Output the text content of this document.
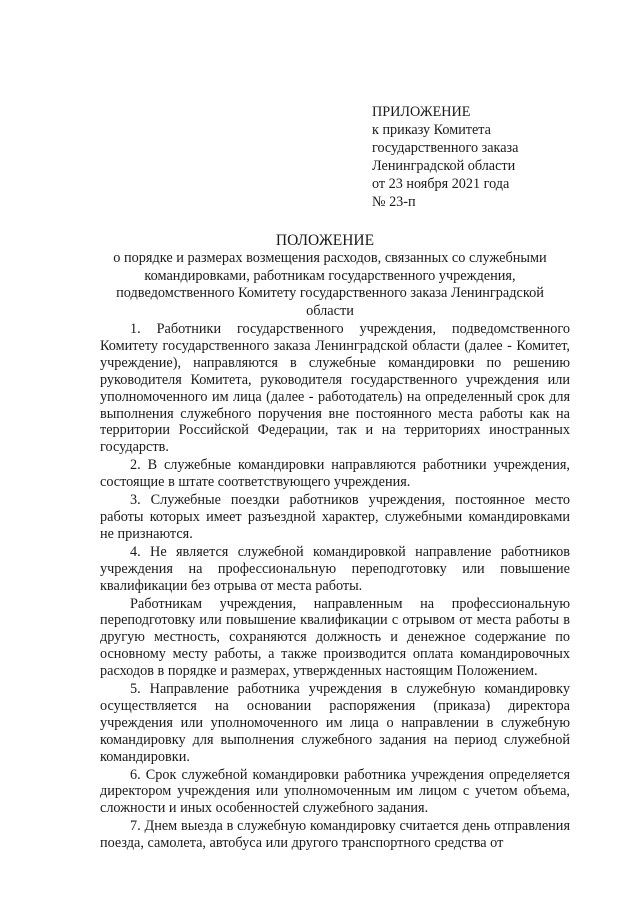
ПРИЛОЖЕНИЕ
к приказу Комитета
государственного заказа
Ленинградской области
от 23 ноября 2021 года
№ 23-п
ПОЛОЖЕНИЕ
о порядке и размерах возмещения расходов, связанных со служебными командировками, работникам государственного учреждения, подведомственного Комитету государственного заказа Ленинградской области

1. Работники государственного учреждения, подведомственного Комитету государственного заказа Ленинградской области (далее - Комитет, учреждение), направляются в служебные командировки по решению руководителя Комитета, руководителя государственного учреждения или уполномоченного им лица (далее - работодатель) на определенный срок для выполнения служебного поручения вне постоянного места работы как на территории Российской Федерации, так и на территориях иностранных государств.

2. В служебные командировки направляются работники учреждения, состоящие в штате соответствующего учреждения.

3. Служебные поездки работников учреждения, постоянное место работы которых имеет разъездной характер, служебными командировками не признаются.

4. Не является служебной командировкой направление работников учреждения на профессиональную переподготовку или повышение квалификации без отрыва от места работы.

Работникам учреждения, направленным на профессиональную переподготовку или повышение квалификации с отрывом от места работы в другую местность, сохраняются должность и денежное содержание по основному месту работы, а также производится оплата командировочных расходов в порядке и размерах, утвержденных настоящим Положением.

5. Направление работника учреждения в служебную командировку осуществляется на основании распоряжения (приказа) директора учреждения или уполномоченного им лица о направлении в служебную командировку для выполнения служебного задания на период служебной командировки.

6. Срок служебной командировки работника учреждения определяется директором учреждения или уполномоченным им лицом с учетом объема, сложности и иных особенностей служебного задания.

7. Днем выезда в служебную командировку считается день отправления поезда, самолета, автобуса или другого транспортного средства от
